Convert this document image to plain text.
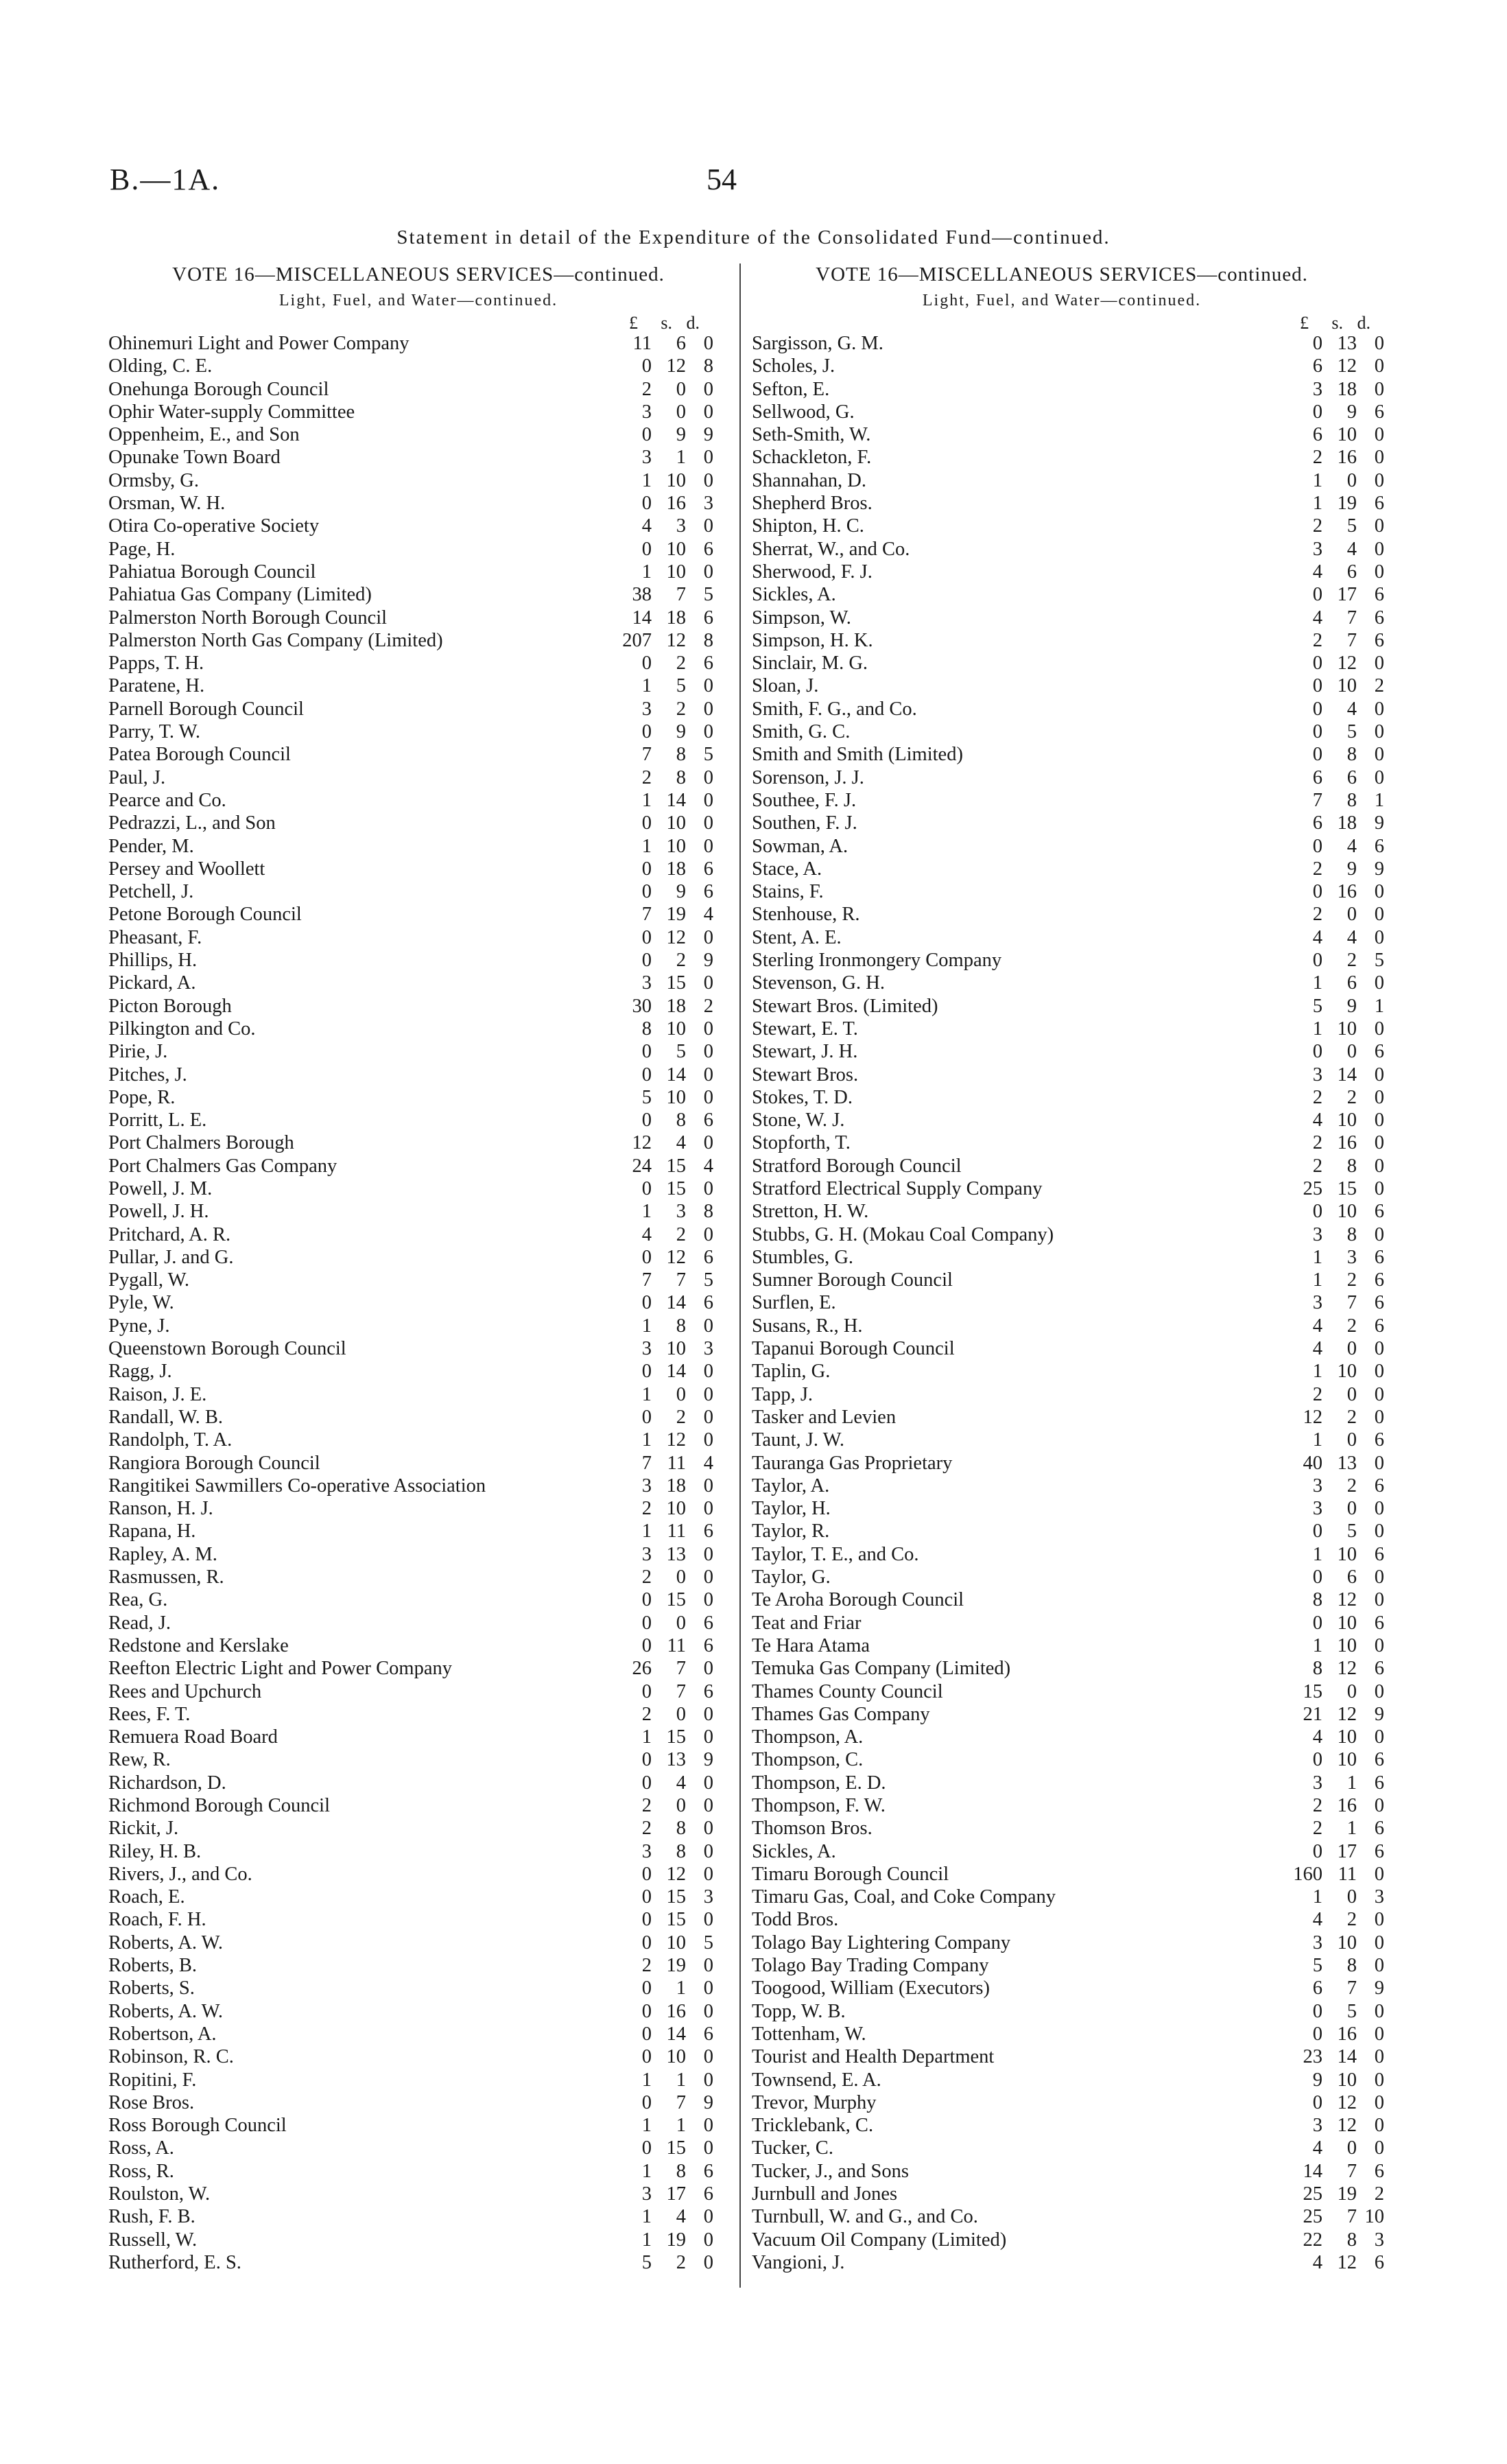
B.—1A.	54
Statement in detail of the Expenditure of the Consolidated Fund—continued.
VOTE 16—MISCELLANEOUS SERVICES—continued.
Light, Fuel, and Water—continued.
£	s. d.
Ohinemuri Light and Power Company	11	6 0
Olding, C. E.	0 12 8
Onehunga Borough Council	2	0 0
Ophir Water-supply Committee	3	0 0
Oppenheim, E., and Son	0	9 9
Opunake Town Board	3	1 0
Ormsby, G.	1 10 0
Orsman, W. H.	0 16 3
Otira Co-operative Society	4	3 0
Page, H.	0 10 6
Pahiatua Borough Council	1 10 0
Pahiatua Gas Company (Limited)	38	7 5
Palmerston North Borough Council	14 18 6
Palmerston North Gas Company (Limited)	207 12 8
Papps, T. H.	0	2 6
Paratene, H.	1	5 0
Parnell Borough Council	3	2 0
Parry, T. W.	0	9 0
Patea Borough Council	7	8 5
Paul, J.	2	8 0
Pearce and Co.	1 14 0
Pedrazzi, L., and Son	0 10 0
Pender, M.	1 10 0
Persey and Woollett	0 18 6
Petchell, J.	0	9 6
Petone Borough Council	7 19 4
Pheasant, F.	0 12 0
Phillips, H.	0	2 9
Pickard, A.	3 15 0
Picton Borough	30 18 2
Pilkington and Co.	8 10 0
Pirie, J.	0	5 0
Pitches, J.	0 14 0
Pope, R.	5 10 0
Porritt, L. E.	0	8 6
Port Chalmers Borough	12	4 0
Port Chalmers Gas Company	24 15 4
Powell, J. M.	0 15 0
Powell, J. H.	1	3 8
Pritchard, A. R.	4	2 0
Pullar, J. and G.	0 12 6
Pygall, W.	7	7 5
Pyle, W.	0 14 6
Pyne, J.	1	8 0
Queenstown Borough Council	3 10 3
Ragg, J.	0 14 0
Raison, J. E.	1	0 0
Randall, W. B.	0	2 0
Randolph, T. A.	1 12 0
Rangiora Borough Council	7 11 4
Rangitikei Sawmillers Co-operative Association	3 18 0
Ranson, H. J.	2 10 0
Rapana, H.	1 11 6
Rapley, A. M.	3 13 0
Rasmussen, R.	2	0 0
Rea, G.	0 15 0
Read, J.	0	0 6
Redstone and Kerslake	0 11 6
Reefton Electric Light and Power Company	26	7 0
Rees and Upchurch	0	7 6
Rees, F. T.	2	0 0
Remuera Road Board	1 15 0
Rew, R.	0 13 9
Richardson, D.	0	4 0
Richmond Borough Council	2	0 0
Rickit, J.	2	8 0
Riley, H. B.	3	8 0
Rivers, J., and Co.	0 12 0
Roach, E.	0 15 3
Roach, F. H.	0 15 0
Roberts, A. W.	0 10 5
Roberts, B.	2 19 0
Roberts, S.	0	1 0
Roberts, A. W.	0 16 0
Robertson, A.	0 14 6
Robinson, R. C.	0 10 0
Ropitini, F.	1	1 0
Rose Bros.	0	7 9
Ross Borough Council	1	1 0
Ross, A.	0 15 0
Ross, R.	1	8 6
Roulston, W.	3 17 6
Rush, F. B.	1	4 0
Russell, W.	1 19 0
Rutherford, E. S.	5	2 0
VOTE 16—MISCELLANEOUS SERVICES—continued.
Light, Fuel, and Water—continued.
£	s. d.
Sargisson, G. M.	0 13 0
Scholes, J.	6 12 0
Sefton, E.	3 18 0
Sellwood, G.	0	9 6
Seth-Smith, W.	6 10 0
Schackleton, F.	2 16 0
Shannahan, D.	1	0 0
Shepherd Bros.	1 19 6
Shipton, H. C.	2	5 0
Sherrat, W., and Co.	3	4 0
Sherwood, F. J.	4	6 0
Sickles, A.	0 17 6
Simpson, W.	4	7 6
Simpson, H. K.	2	7 6
Sinclair, M. G.	0 12 0
Sloan, J.	0 10 2
Smith, F. G., and Co.	0	4 0
Smith, G. C.	0	5 0
Smith and Smith (Limited)	0	8 0
Sorenson, J. J.	6	6 0
Southee, F. J.	7	8 1
Southen, F. J.	6 18 9
Sowman, A.	0	4 6
Stace, A.	2	9 9
Stains, F.	0 16 0
Stenhouse, R.	2	0 0
Stent, A. E.	4	4 0
Sterling Ironmongery Company	0	2 5
Stevenson, G. H.	1	6 0
Stewart Bros. (Limited)	5	9 1
Stewart, E. T.	1 10 0
Stewart, J. H.	0	0 6
Stewart Bros.	3 14 0
Stokes, T. D.	2	2 0
Stone, W. J.	4 10 0
Stopforth, T.	2 16 0
Stratford Borough Council	2	8 0
Stratford Electrical Supply Company	25 15 0
Stretton, H. W.	0 10 6
Stubbs, G. H. (Mokau Coal Company)	3	8 0
Stumbles, G.	1	3 6
Sumner Borough Council	1	2 6
Surflen, E.	3	7 6
Susans, R., H.	4	2 6
Tapanui Borough Council	4	0 0
Taplin, G.	1 10 0
Tapp, J.	2	0 0
Tasker and Levien	12	2 0
Taunt, J. W.	1	0 6
Tauranga Gas Proprietary	40 13 0
Taylor, A.	3	2 6
Taylor, H.	3	0 0
Taylor, R.	0	5 0
Taylor, T. E., and Co.	1 10 6
Taylor, G.	0	6 0
Te Aroha Borough Council	8 12 0
Teat and Friar	0 10 6
Te Hara Atama	1 10 0
Temuka Gas Company (Limited)	8 12 6
Thames County Council	15	0 0
Thames Gas Company	21 12 9
Thompson, A.	4 10 0
Thompson, C.	0 10 6
Thompson, E. D.	3	1 6
Thompson, F. W.	2 16 0
Thomson Bros.	2	1 6
Sickles, A.	0 17 6
Timaru Borough Council	160 11 0
Timaru Gas, Coal, and Coke Company	1	0 3
Todd Bros.	4	2 0
Tolago Bay Lightering Company	3 10 0
Tolago Bay Trading Company	5	8 0
Toogood, William (Executors)	6	7 9
Topp, W. B.	0	5 0
Tottenham, W.	0 16 0
Tourist and Health Department	23 14 0
Townsend, E. A.	9 10 0
Trevor, Murphy	0 12 0
Tricklebank, C.	3 12 0
Tucker, C.	4	0 0
Tucker, J., and Sons	14	7 6
Jurnbull and Jones	25 19 2
Turnbull, W. and G., and Co.	25	7 10
Vacuum Oil Company (Limited)	22	8 3
Vangioni, J.	4 12 6
